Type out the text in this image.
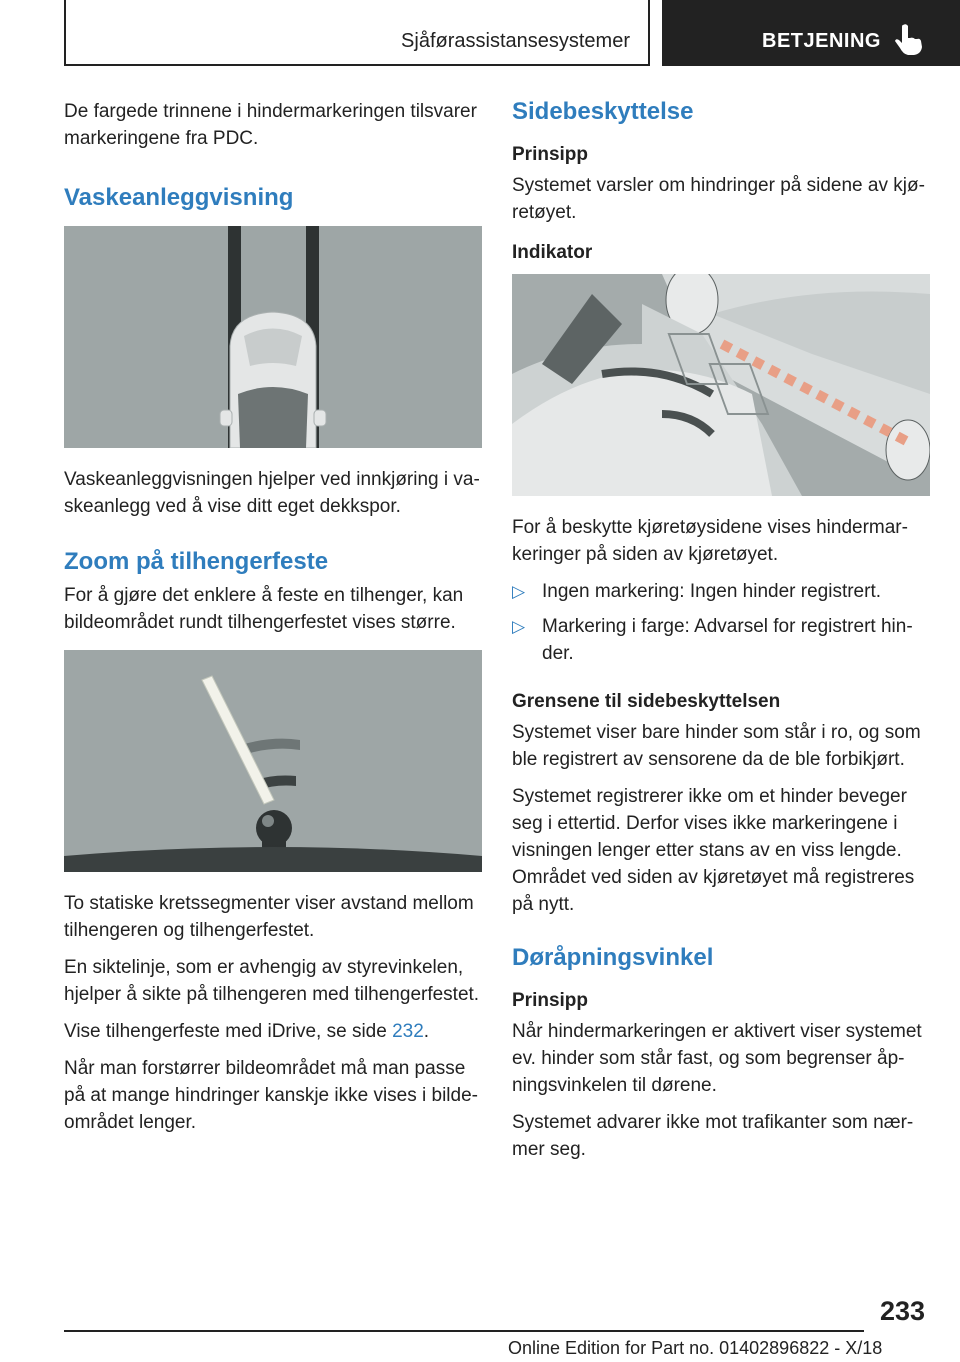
Sjåførassistansesystemer	BETJENING

De fargede trinnene i hindermarkeringen tilsvarer markeringene fra PDC.

Vaskeanleggvisning

Vaskeanleggvisningen hjelper ved innkjøring i vaskeanlegg ved å vise ditt eget dekkspor.

Zoom på tilhengerfeste

For å gjøre det enklere å feste en tilhenger, kan bildeområdet rundt tilhengerfestet vises større.

To statiske kretssegmenter viser avstand mellom tilhengeren og tilhengerfestet.

En siktelinje, som er avhengig av styrevinkelen, hjelper å sikte på tilhengeren med tilhengerfestet.

Vise tilhengerfeste med iDrive, se side 232.

Når man forstørrer bildeområdet må man passe på at mange hindringer kanskje ikke vises i bildeområdet lenger.

Sidebeskyttelse
Prinsipp

Systemet varsler om hindringer på sidene av kjøretøyet.

Indikator

For å beskytte kjøretøysidene vises hindermarkeringer på siden av kjøretøyet.

▷ Ingen markering: Ingen hinder registrert.
▷ Markering i farge: Advarsel for registrert hinder.
Grensene til sidebeskyttelsen

Systemet viser bare hinder som står i ro, og som ble registrert av sensorene da de ble forbikjørt.

Systemet registrerer ikke om et hinder beveger seg i ettertid. Derfor vises ikke markeringene i visningen lenger etter stans av en viss lengde. Området ved siden av kjøretøyet må registreres på nytt.

Døråpningsvinkel
Prinsipp

Når hindermarkeringen er aktivert viser systemet ev. hinder som står fast, og som begrenser åpningsvinkelen til dørene.

Systemet advarer ikke mot trafikanter som nærmer seg.

233
Online Edition for Part no. 01402896822 - X/18
